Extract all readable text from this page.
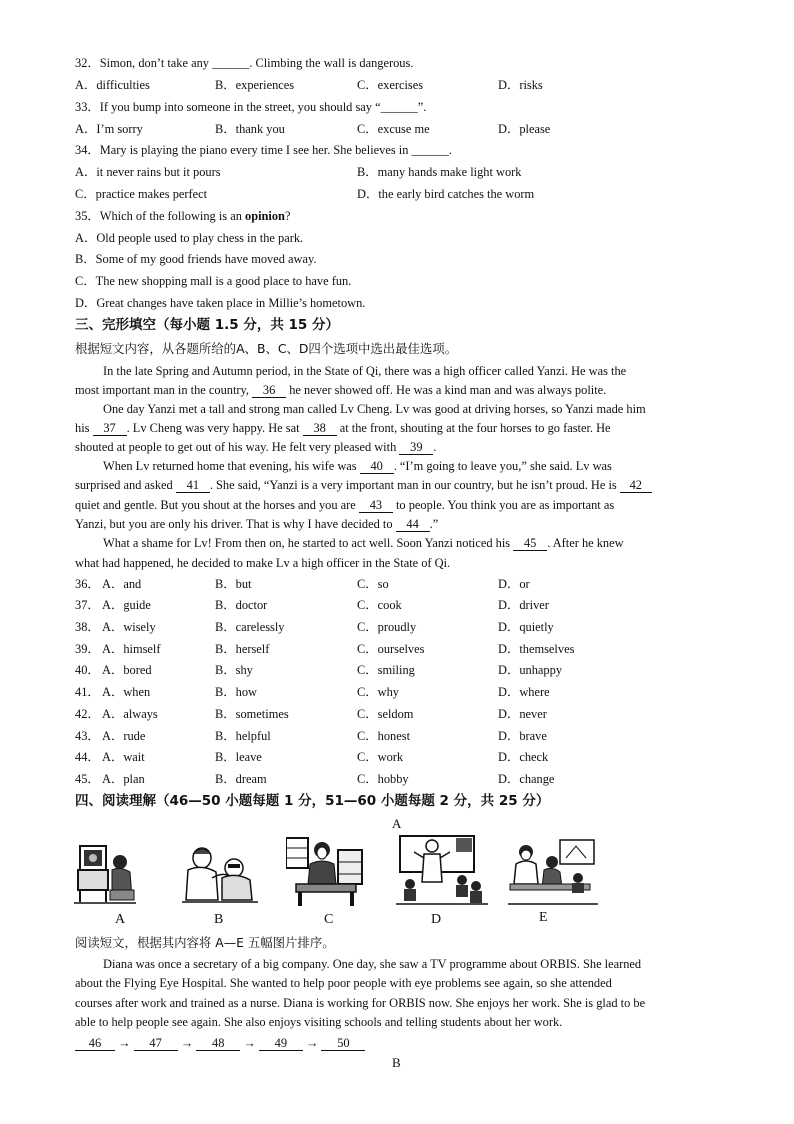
32．Simon, don’t take any ______. Climbing the wall is dangerous.
A．difficulties	B．experiences	C．exercises	D．risks
33．If you bump into someone in the street, you should say “______”.
A．I’m sorry	B．thank you	C．excuse me	D．please
34．Mary is playing the piano every time I see her. She believes in ______.
A．it never rains but it pours	B．many hands make light work
C．practice makes perfect	D．the early bird catches the worm
35．Which of the following is an opinion?
A．Old people used to play chess in the park.
B．Some of my good friends have moved away.
C．The new shopping mall is a good place to have fun.
D．Great changes have taken place in Millie’s hometown.
三、完形填空（每小题 1.5 分，共 15 分）
根据短文内容，从各题所给的A、B、C、D四个选项中选出最佳选项。
In the late Spring and Autumn period, in the State of Qi, there was a high officer called Yanzi. He was the
most important man in the country, 36 he never showed off. He was a kind man and was always polite.
One day Yanzi met a tall and strong man called Lv Cheng. Lv was good at driving horses, so Yanzi made him
his 37 . Lv Cheng was very happy. He sat 38 at the front, shouting at the four horses to go faster. He
shouted at people to get out of his way. He felt very pleased with 39 .
When Lv returned home that evening, his wife was 40 . “I’m going to leave you,” she said. Lv was
surprised and asked 41 . She said, “Yanzi is a very important man in our country, but he isn’t proud. He is 42
quiet and gentle. But you shout at the horses and you are 43 to people. You think you are as important as
Yanzi, but you are only his driver. That is why I have decided to 44 .”
What a shame for Lv! From then on, he started to act well. Soon Yanzi noticed his 45 . After he knew
what had happened, he decided to make Lv a high officer in the State of Qi.
36． A．and	B．but	C．so	D．or
37． A．guide	B．doctor	C．cook	D．driver
38． A．wisely	B．carelessly	C．proudly	D．quietly
39． A．himself	B．herself	C．ourselves	D．themselves
40． A．bored	B．shy	C．smiling	D．unhappy
41． A．when	B．how	C．why	D．where
42． A．always	B．sometimes	C．seldom	D．never
43． A．rude	B．helpful	C．honest	D．brave
44． A．wait	B．leave	C．work	D．check
45． A．plan	B．dream	C．hobby	D．change
四、阅读理解（46—50 小题每题 1 分，51—60 小题每题 2 分，共 25 分）
A
A	B	C	D	E
阅读短文，根据其内容将 A—E 五幅图片排序。
Diana was once a secretary of a big company. One day, she saw a TV programme about ORBIS. She learned
about the Flying Eye Hospital. She wanted to help poor people with eye problems see again, so she attended
courses after work and trained as a nurse. Diana is working for ORBIS now. She enjoys her work. She is glad to be
able to help people see again. She also enjoys visiting schools and telling students about her work.
46 → 47 → 48 → 49 → 50
B
